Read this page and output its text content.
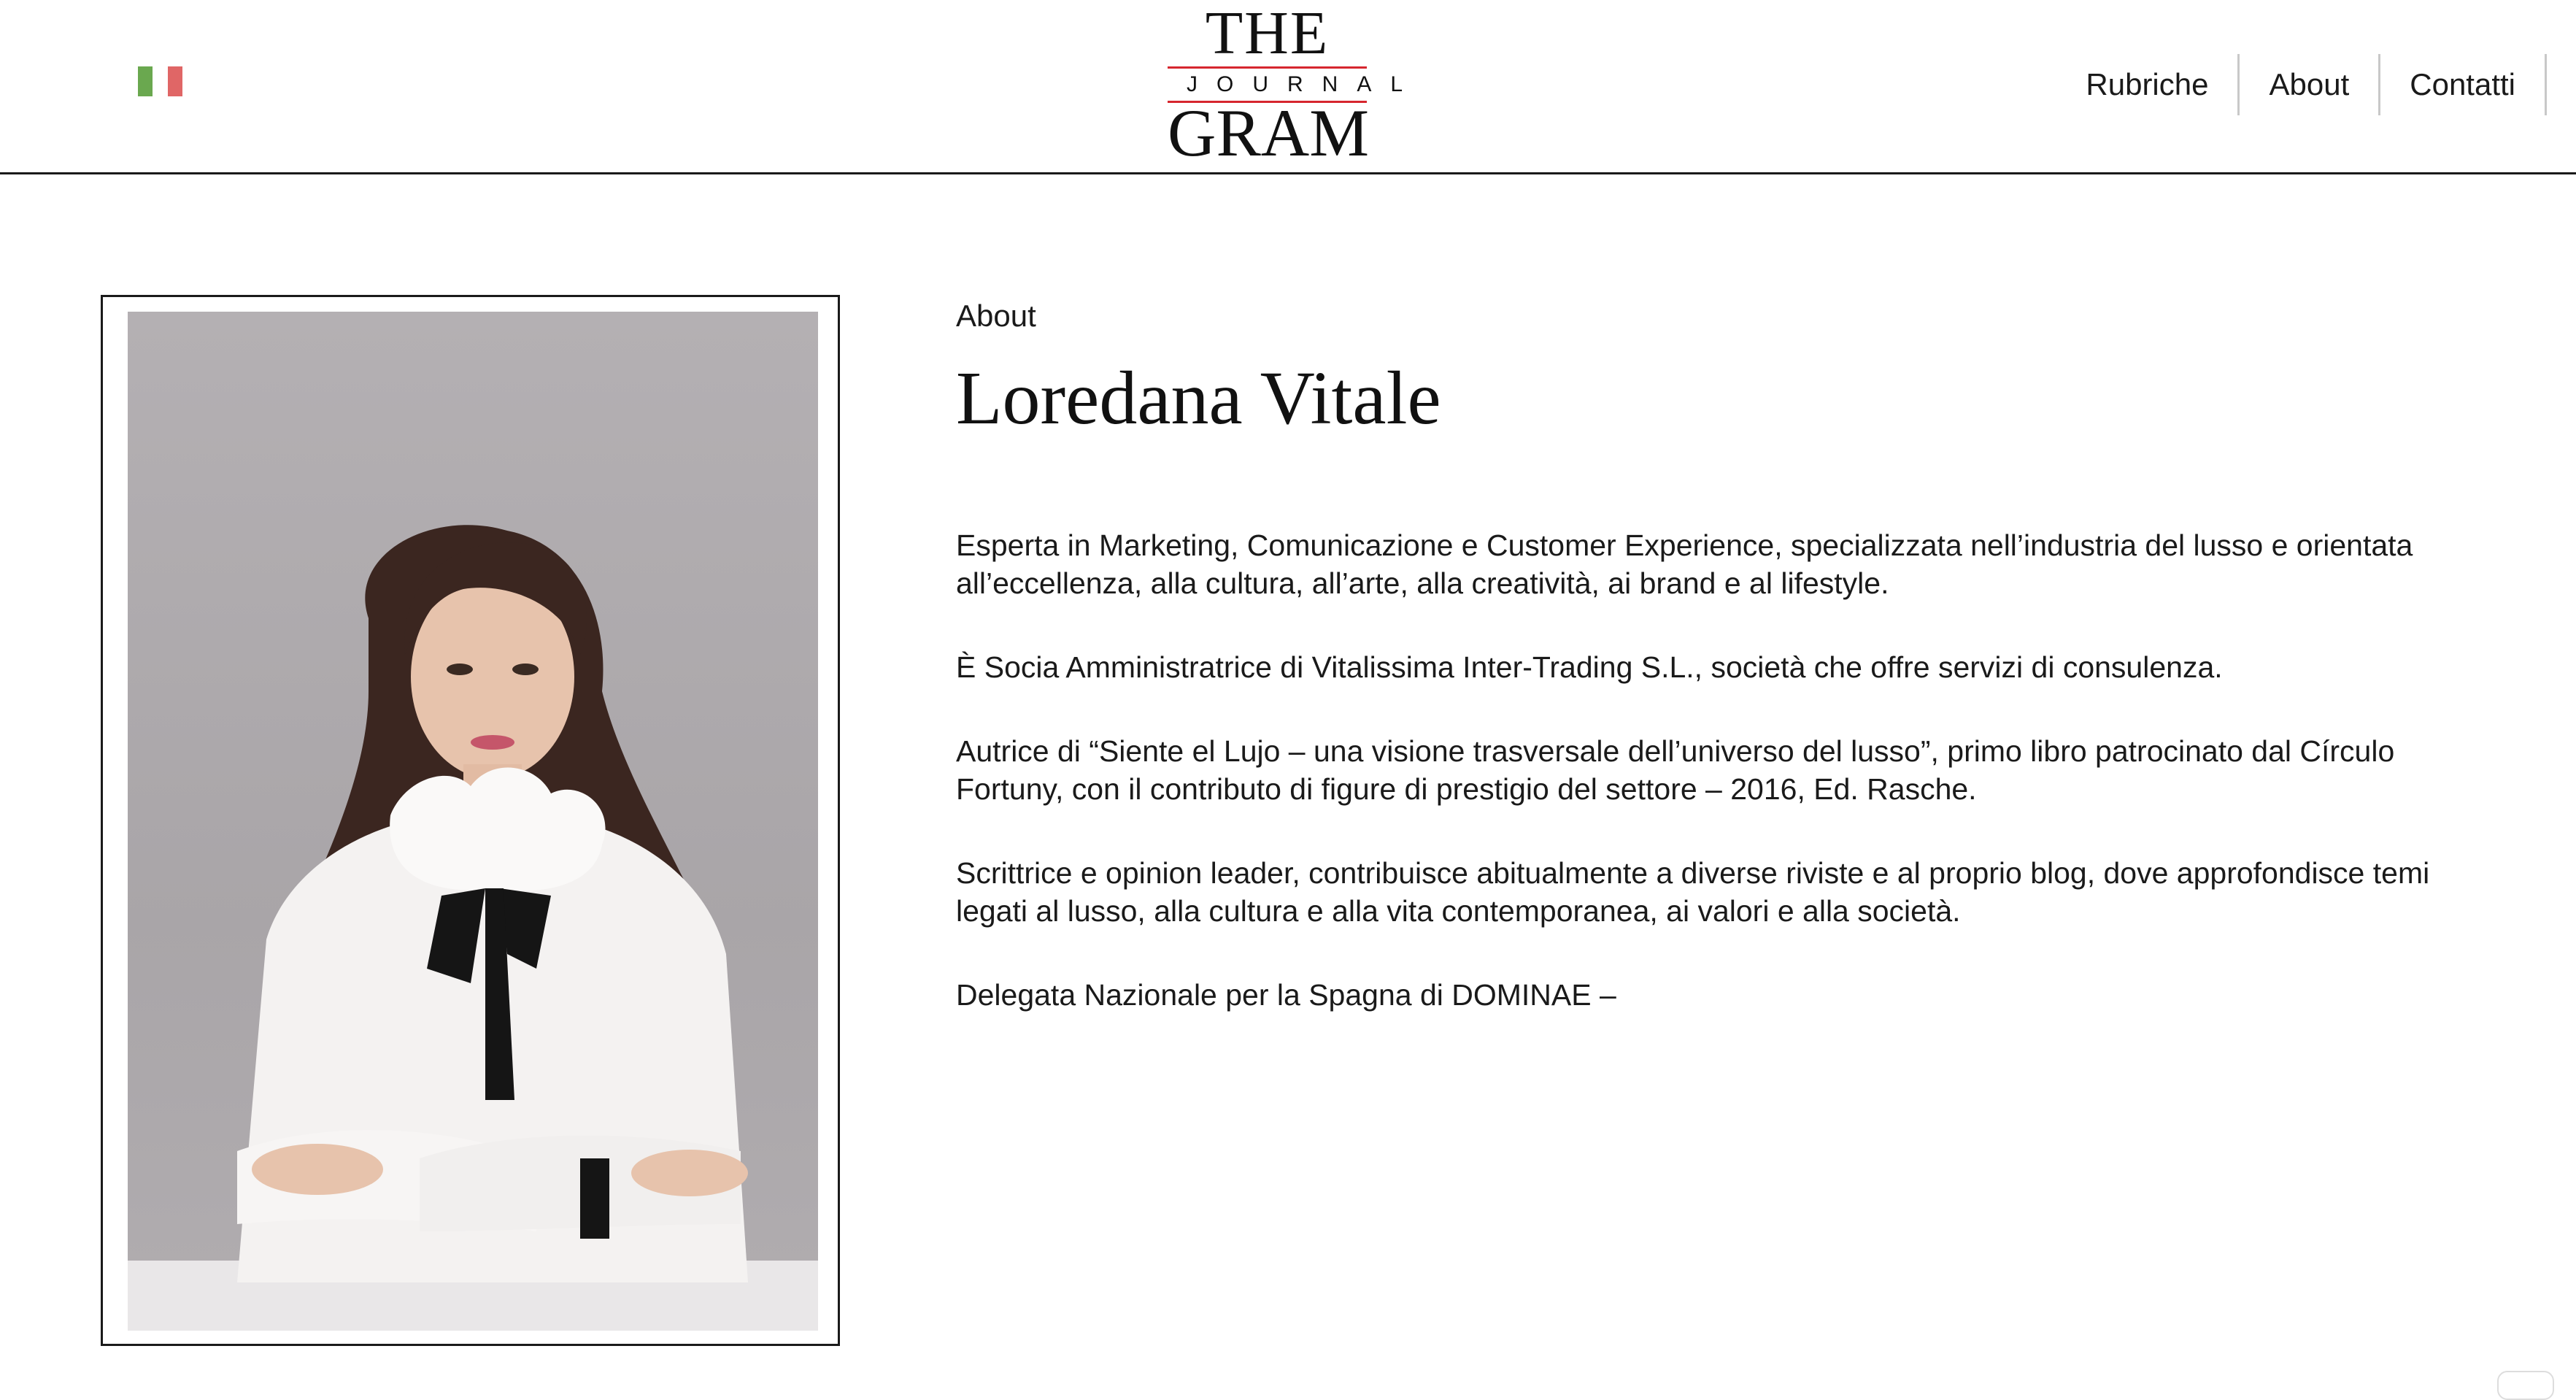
THE
JOURNAL
GRAM
Rubriche	About	Contatti
About
Loredana Vitale

Esperta in Marketing, Comunicazione e Customer Experience, specializzata nell’industria del lusso e orientata all’eccellenza, alla cultura, all’arte, alla creatività, ai brand e al lifestyle.

È Socia Amministratrice di Vitalissima Inter-Trading S.L., società che offre servizi di consulenza.

Autrice di “Siente el Lujo – una visione trasversale dell’universo del lusso”, primo libro patrocinato dal Círculo Fortuny, con il contributo di figure di prestigio del settore – 2016, Ed. Rasche.

Scrittrice e opinion leader, contribuisce abitualmente a diverse riviste e al proprio blog, dove approfondisce temi legati al lusso, alla cultura e alla vita contemporanea, ai valori e alla società.

Delegata Nazionale per la Spagna di DOMINAE –
